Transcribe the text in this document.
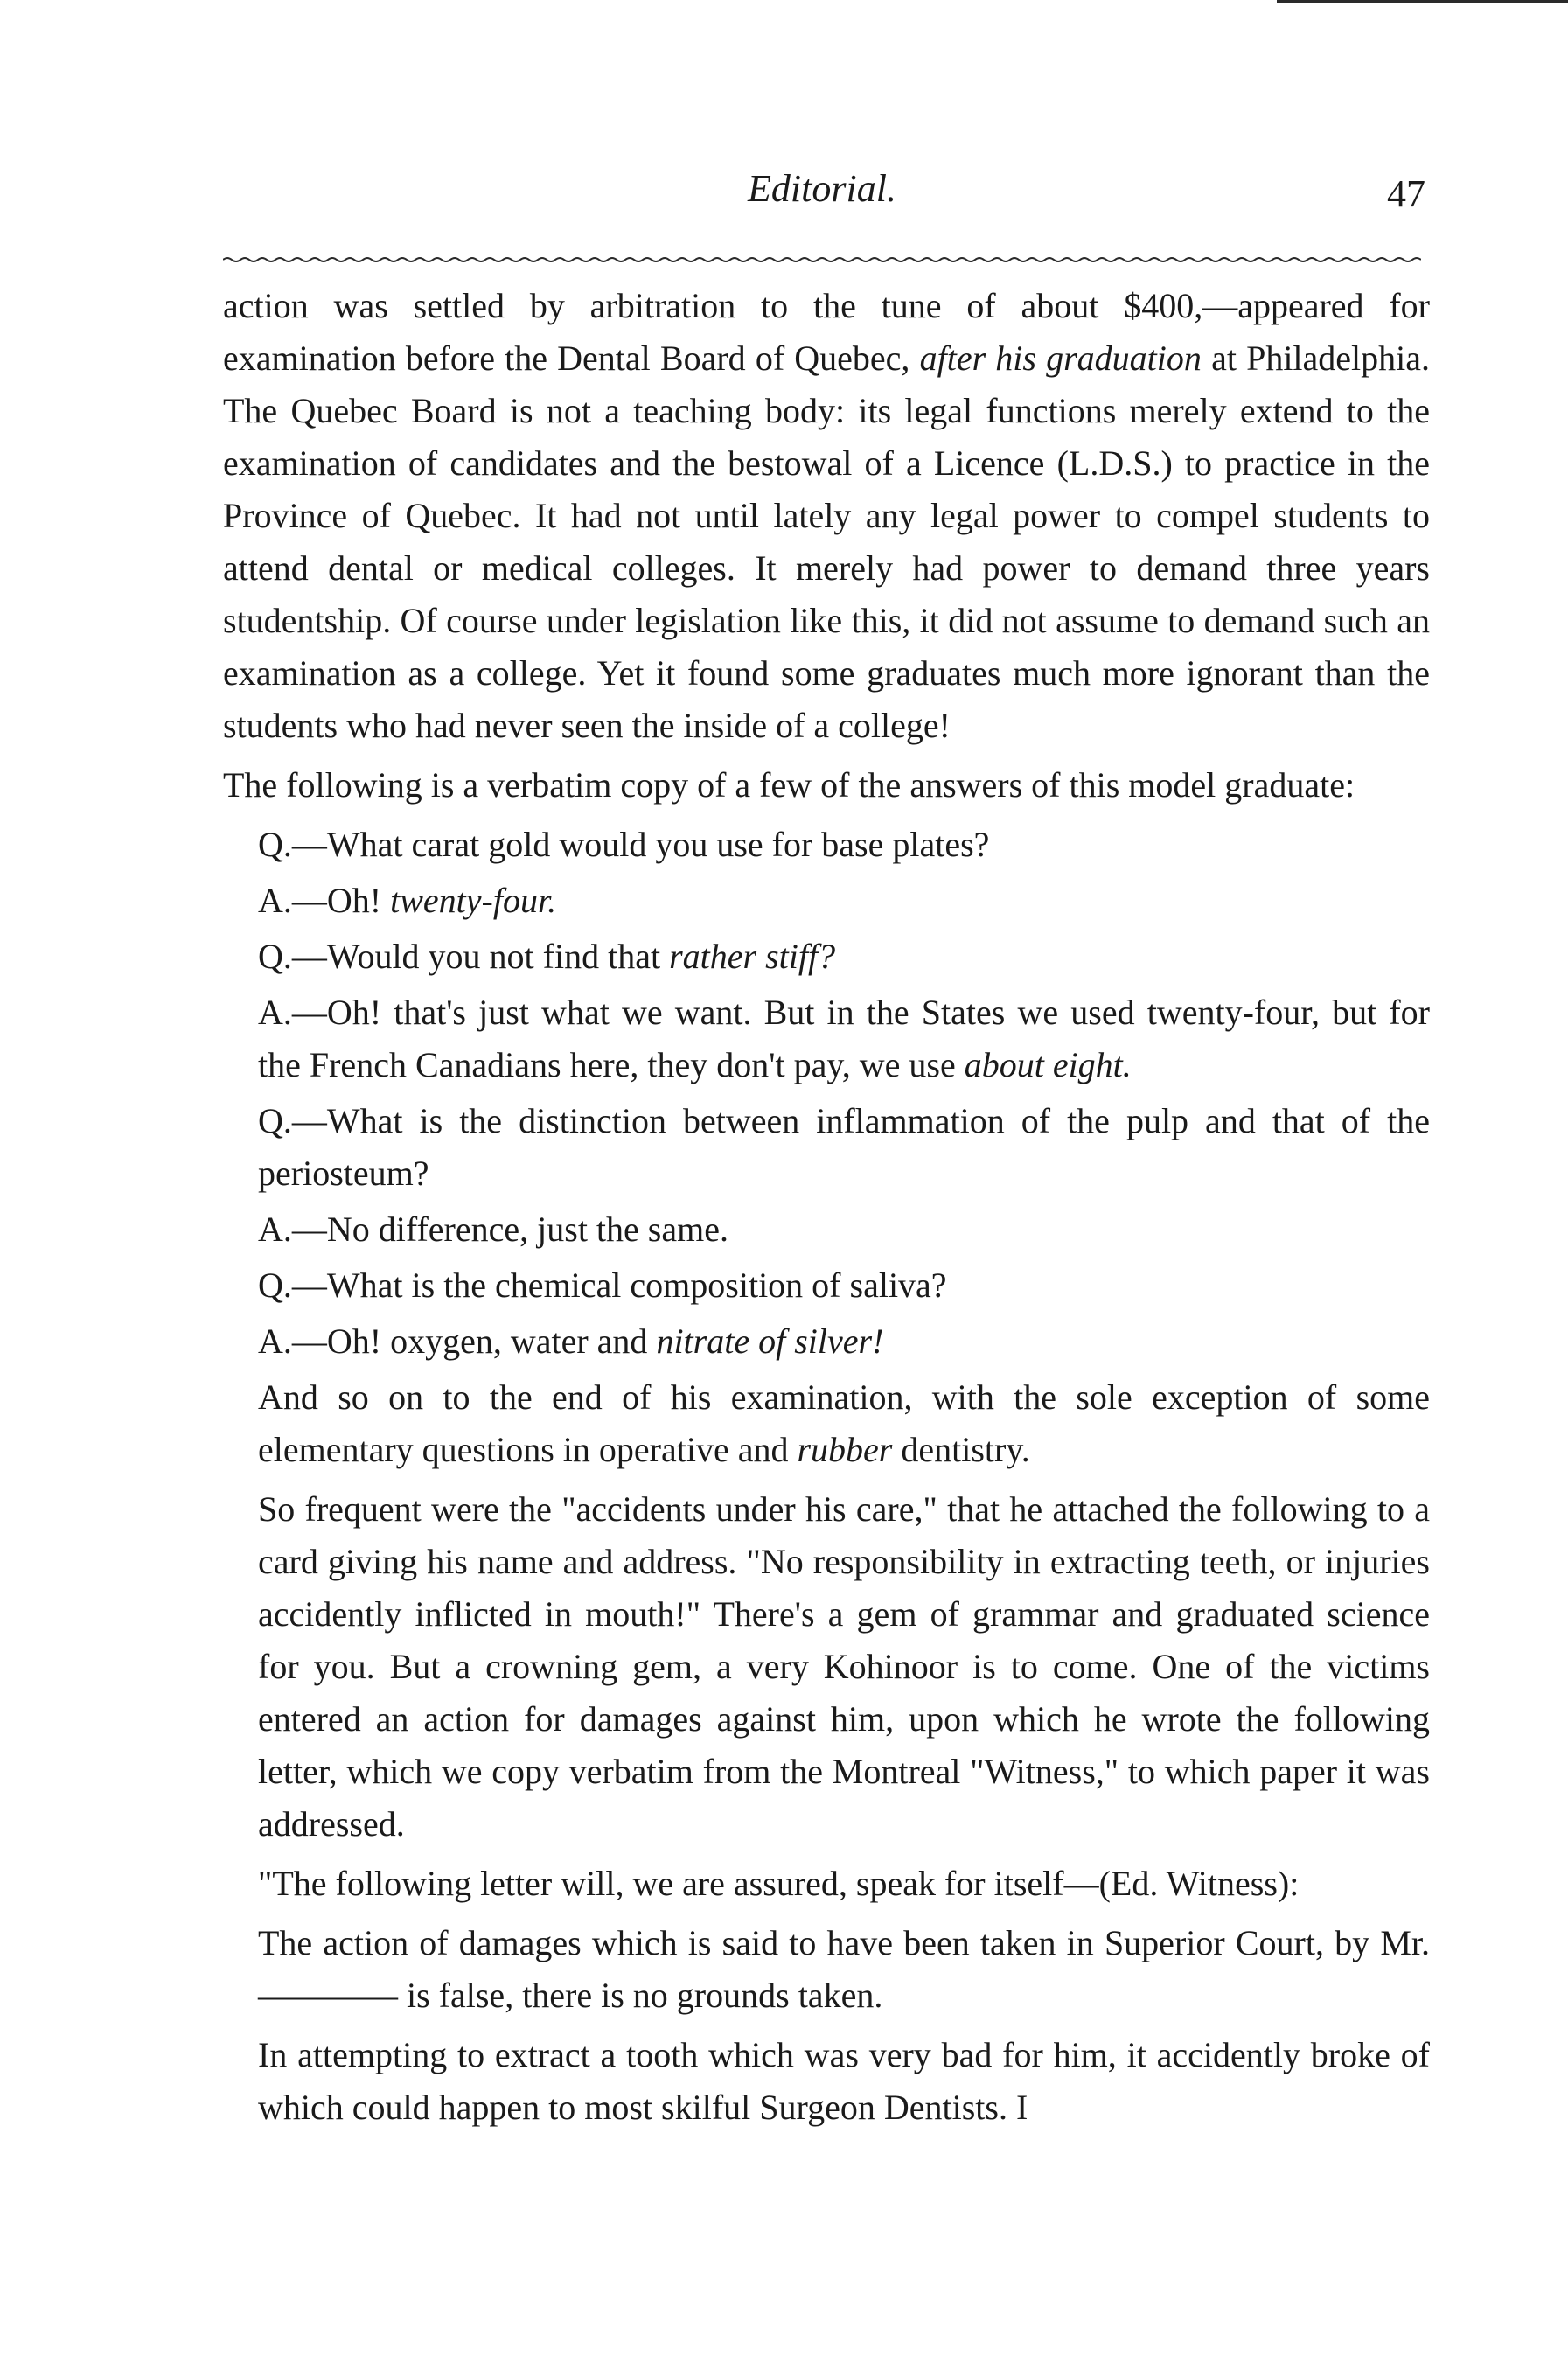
Editorial.	47

action was settled by arbitration to the tune of about $400,—appeared for examination before the Dental Board of Quebec, after his graduation at Philadelphia. The Quebec Board is not a teaching body: its legal functions merely extend to the examination of candidates and the bestowal of a Licence (L.D.S.) to practice in the Province of Quebec. It had not until lately any legal power to compel students to attend dental or medical colleges. It merely had power to demand three years studentship. Of course under legislation like this, it did not assume to demand such an examination as a college. Yet it found some graduates much more ignorant than the students who had never seen the inside of a college!

The following is a verbatim copy of a few of the answers of this model graduate:

Q.—What carat gold would you use for base plates?

A.—Oh! twenty-four.

Q.—Would you not find that rather stiff?

A.—Oh! that's just what we want. But in the States we used twenty-four, but for the French Canadians here, they don't pay, we use about eight.

Q.—What is the distinction between inflammation of the pulp and that of the periosteum?

A.—No difference, just the same.

Q.—What is the chemical composition of saliva?

A.—Oh! oxygen, water and nitrate of silver!

And so on to the end of his examination, with the sole exception of some elementary questions in operative and rubber dentistry.

So frequent were the "accidents under his care," that he attached the following to a card giving his name and address. "No responsibility in extracting teeth, or injuries accidently inflicted in mouth!" There's a gem of grammar and graduated science for you. But a crowning gem, a very Kohinoor is to come. One of the victims entered an action for damages against him, upon which he wrote the following letter, which we copy verbatim from the Montreal "Witness," to which paper it was addressed.

"The following letter will, we are assured, speak for itself—(Ed. Witness):

The action of damages which is said to have been taken in Superior Court, by Mr. ———— is false, there is no grounds taken.

In attempting to extract a tooth which was very bad for him, it accidently broke of which could happen to most skilful Surgeon Dentists. I
